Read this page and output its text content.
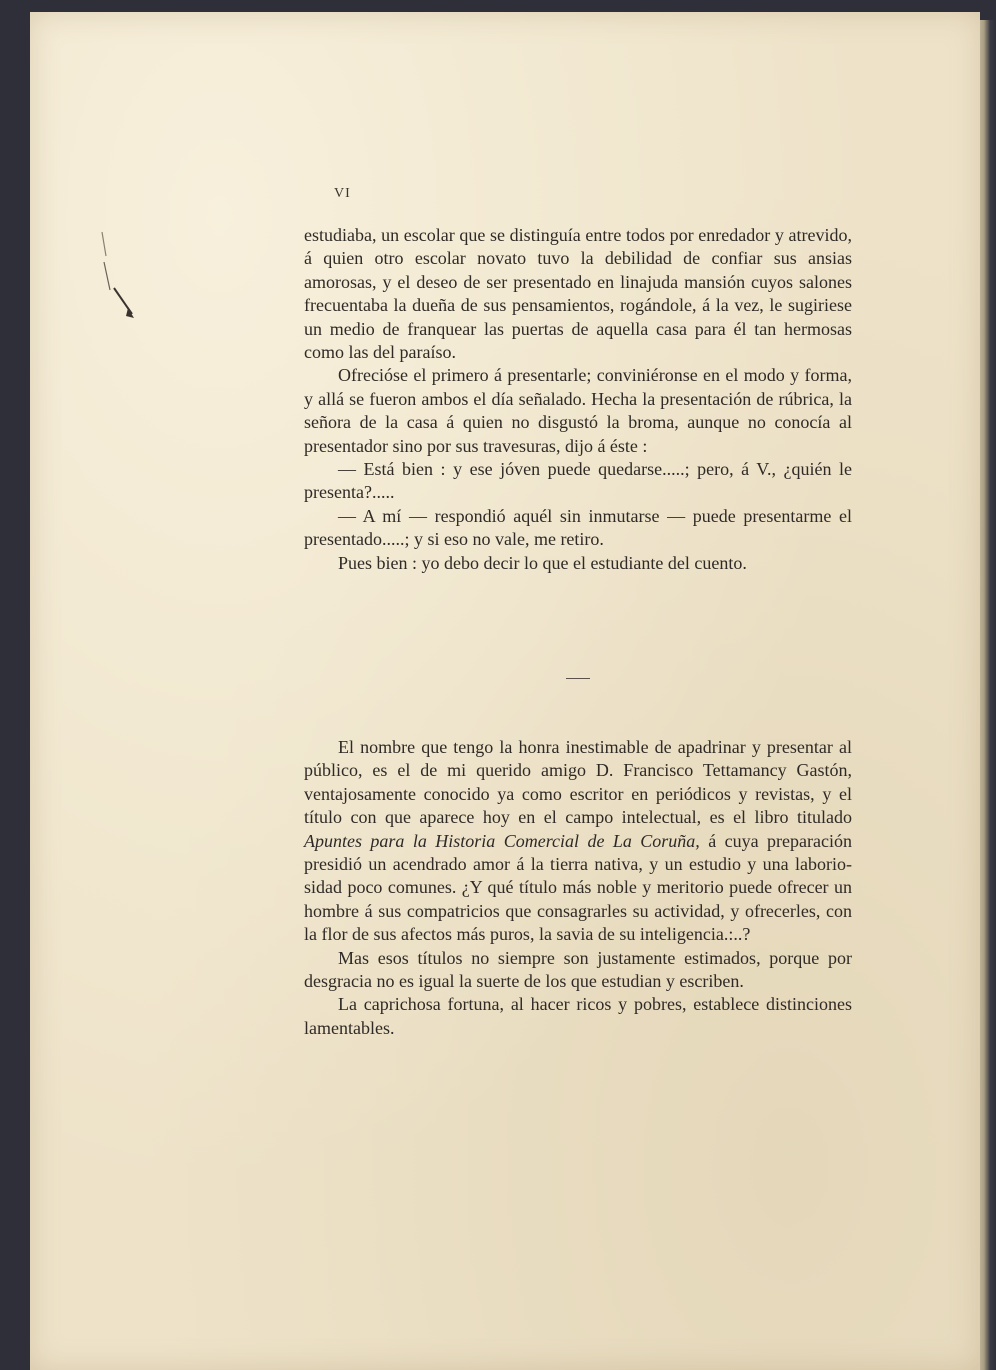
VI

estudiaba, un escolar que se distinguía entre todos por enredador y atrevido, á quien otro escolar novato tuvo la debilidad de confiar sus ansias amorosas, y el deseo de ser presentado en linajuda mansión cuyos salones frecuentaba la dueña de sus pensamientos, rogándole, á la vez, le sugiriese un medio de franquear las puertas de aquella casa para él tan hermosas como las del paraíso.

Ofrecióse el primero á presentarle; conviniéronse en el modo y forma, y allá se fueron ambos el día señalado. Hecha la presentación de rúbrica, la señora de la casa á quien no disgustó la broma, aunque no conocía al presentador sino por sus travesuras, dijo á éste :

— Está bien : y ese jóven puede quedarse.....; pero, á V., ¿quién le presenta?.....

— A mí — respondió aquél sin inmutarse — puede presentarme el presentado.....; y si eso no vale, me retiro.

Pues bien : yo debo decir lo que el estudiante del cuento.

El nombre que tengo la honra inestimable de apadrinar y presentar al público, es el de mi querido amigo D. Francisco Tettamancy Gastón, ventajosamente conocido ya como escritor en periódicos y revistas, y el título con que aparece hoy en el campo intelectual, es el libro titulado Apuntes para la Historia Comercial de La Coruña, á cuya preparación presidió un acendrado amor á la tierra nativa, y un estudio y una laboriosidad poco comunes. ¿Y qué título más noble y meritorio puede ofrecer un hombre á sus compatricios que consagrarles su actividad, y ofrecerles, con la flor de sus afectos más puros, la savia de su inteligencia.:..?

Mas esos títulos no siempre son justamente estimados, porque por desgracia no es igual la suerte de los que estudian y escriben.

La caprichosa fortuna, al hacer ricos y pobres, establece distinciones lamentables.
